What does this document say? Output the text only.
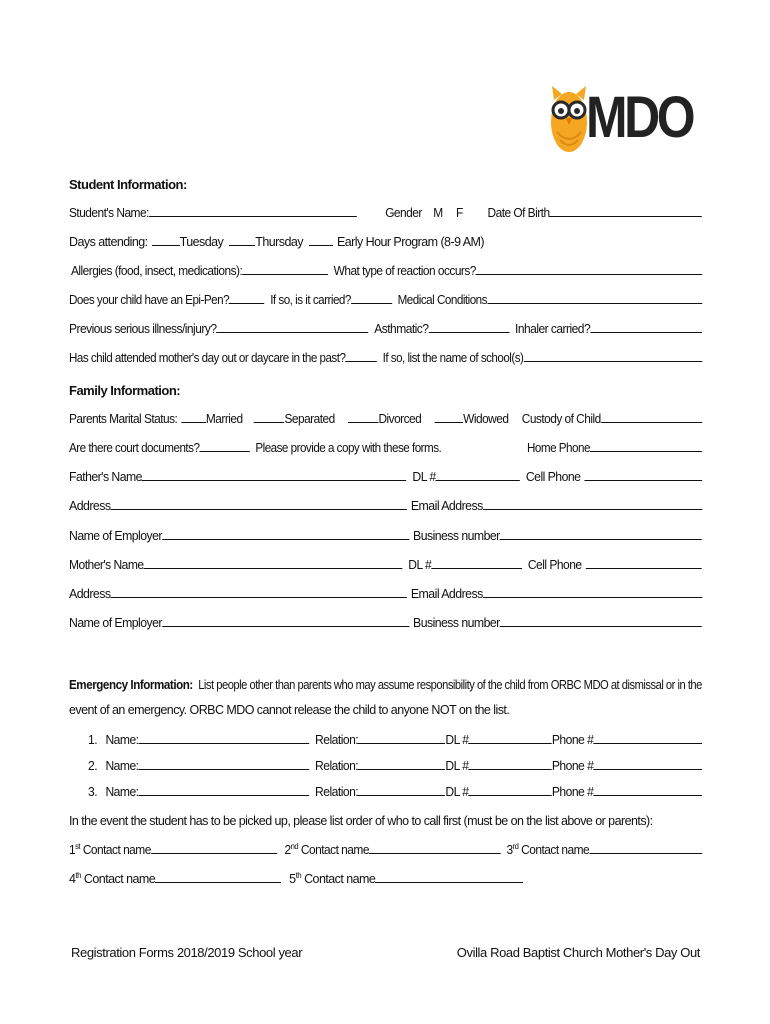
MDO
Student Information:
Student's Name:	Gender M F Date Of Birth
Days attending:	Tuesday	Thursday	Early Hour Program (8-9 AM)
Allergies (food, insect, medications):	What type of reaction occurs?
Does your child have an Epi-Pen?	If so, is it carried?	Medical Conditions
Previous serious illness/injury?	Asthmatic?	Inhaler carried?
Has child attended mother's day out or daycare in the past?	If so, list the name of school(s)
Family Information:
Parents Marital Status: Married	Separated	Divorced	Widowed Custody of Child
Are there court documents?	Please provide a copy with these forms.	Home Phone
Father's Name	DL #	Cell Phone
Address	Email Address
Name of Employer	Business number
Mother's Name	DL #	Cell Phone
Address	Email Address
Name of Employer	Business number
Emergency Information: List people other than parents who may assume responsibility of the child from ORBC MDO at dismissal or in the
event of an emergency. ORBC MDO cannot release the child to anyone NOT on the list.
1. Name:	Relation:	DL #	Phone #
2. Name:	Relation:	DL #	Phone #
3. Name:	Relation:	DL #	Phone #
In the event the student has to be picked up, please list order of who to call first (must be on the list above or parents):
1st Contact name	2nd Contact name	3rd Contact name
4th Contact name	5th Contact name
Registration Forms 2018/2019 School year	Ovilla Road Baptist Church Mother's Day Out
